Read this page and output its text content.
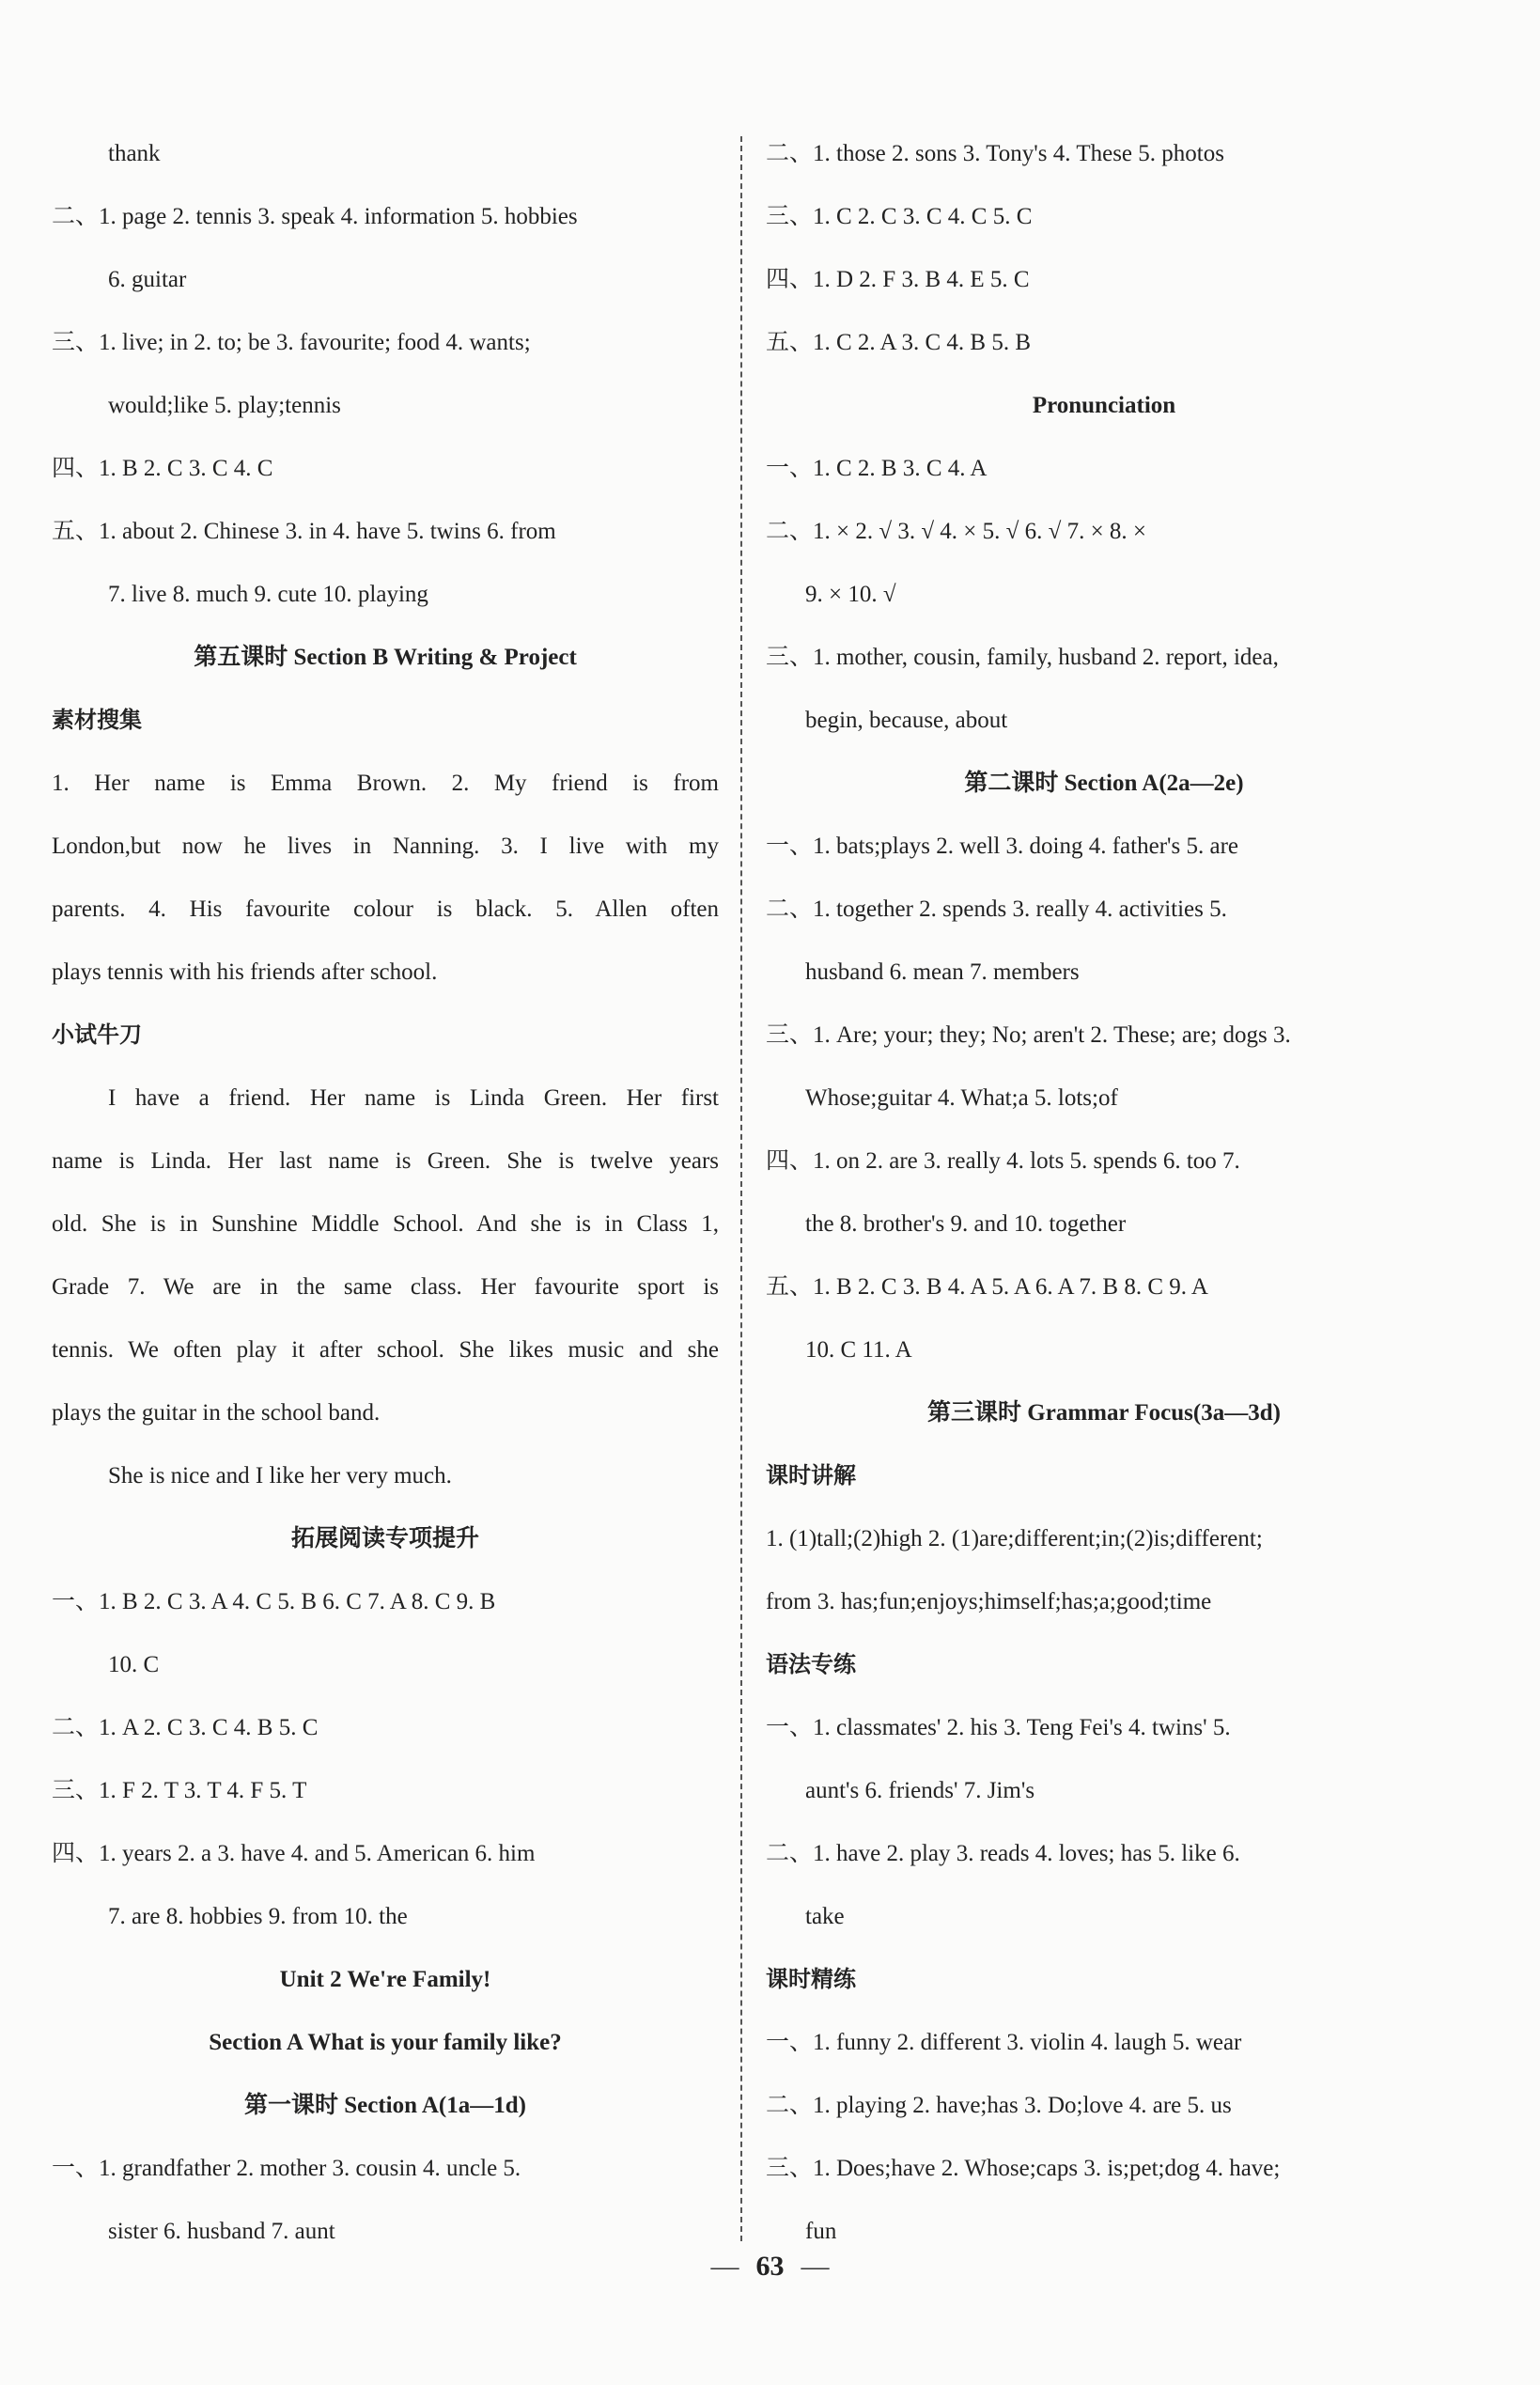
thank
二、1. page 2. tennis 3. speak 4. information 5. hobbies
6. guitar
三、1. live; in 2. to; be 3. favourite; food 4. wants;
would;like 5. play;tennis
四、1. B 2. C 3. C 4. C
五、1. about 2. Chinese 3. in 4. have 5. twins 6. from
7. live 8. much 9. cute 10. playing
第五课时 Section B Writing & Project
素材搜集
1. Her name is Emma Brown. 2. My friend is from
London,but now he lives in Nanning. 3. I live with my
parents. 4. His favourite colour is black. 5. Allen often
plays tennis with his friends after school.
小试牛刀
I have a friend. Her name is Linda Green. Her first
name is Linda. Her last name is Green. She is twelve years
old. She is in Sunshine Middle School. And she is in Class 1,
Grade 7. We are in the same class. Her favourite sport is
tennis. We often play it after school. She likes music and she
plays the guitar in the school band.
She is nice and I like her very much.
拓展阅读专项提升
一、1. B 2. C 3. A 4. C 5. B 6. C 7. A 8. C 9. B
10. C
二、1. A 2. C 3. C 4. B 5. C
三、1. F 2. T 3. T 4. F 5. T
四、1. years 2. a 3. have 4. and 5. American 6. him
7. are 8. hobbies 9. from 10. the
Unit 2 We're Family!
Section A What is your family like?
第一课时 Section A(1a—1d)
一、1. grandfather 2. mother 3. cousin 4. uncle 5.
sister 6. husband 7. aunt
二、1. those 2. sons 3. Tony's 4. These 5. photos
三、1. C 2. C 3. C 4. C 5. C
四、1. D 2. F 3. B 4. E 5. C
五、1. C 2. A 3. C 4. B 5. B
Pronunciation
一、1. C 2. B 3. C 4. A
二、1. × 2. √ 3. √ 4. × 5. √ 6. √ 7. × 8. ×
9. × 10. √
三、1. mother, cousin, family, husband 2. report, idea,
begin, because, about
第二课时 Section A(2a—2e)
一、1. bats;plays 2. well 3. doing 4. father's 5. are
二、1. together 2. spends 3. really 4. activities 5.
husband 6. mean 7. members
三、1. Are; your; they; No; aren't 2. These; are; dogs 3.
Whose;guitar 4. What;a 5. lots;of
四、1. on 2. are 3. really 4. lots 5. spends 6. too 7.
the 8. brother's 9. and 10. together
五、1. B 2. C 3. B 4. A 5. A 6. A 7. B 8. C 9. A
10. C 11. A
第三课时 Grammar Focus(3a—3d)
课时讲解
1. (1)tall;(2)high 2. (1)are;different;in;(2)is;different;
from 3. has;fun;enjoys;himself;has;a;good;time
语法专练
一、1. classmates' 2. his 3. Teng Fei's 4. twins' 5.
aunt's 6. friends' 7. Jim's
二、1. have 2. play 3. reads 4. loves; has 5. like 6.
take
课时精练
一、1. funny 2. different 3. violin 4. laugh 5. wear
二、1. playing 2. have;has 3. Do;love 4. are 5. us
三、1. Does;have 2. Whose;caps 3. is;pet;dog 4. have;
fun
— 63 —
